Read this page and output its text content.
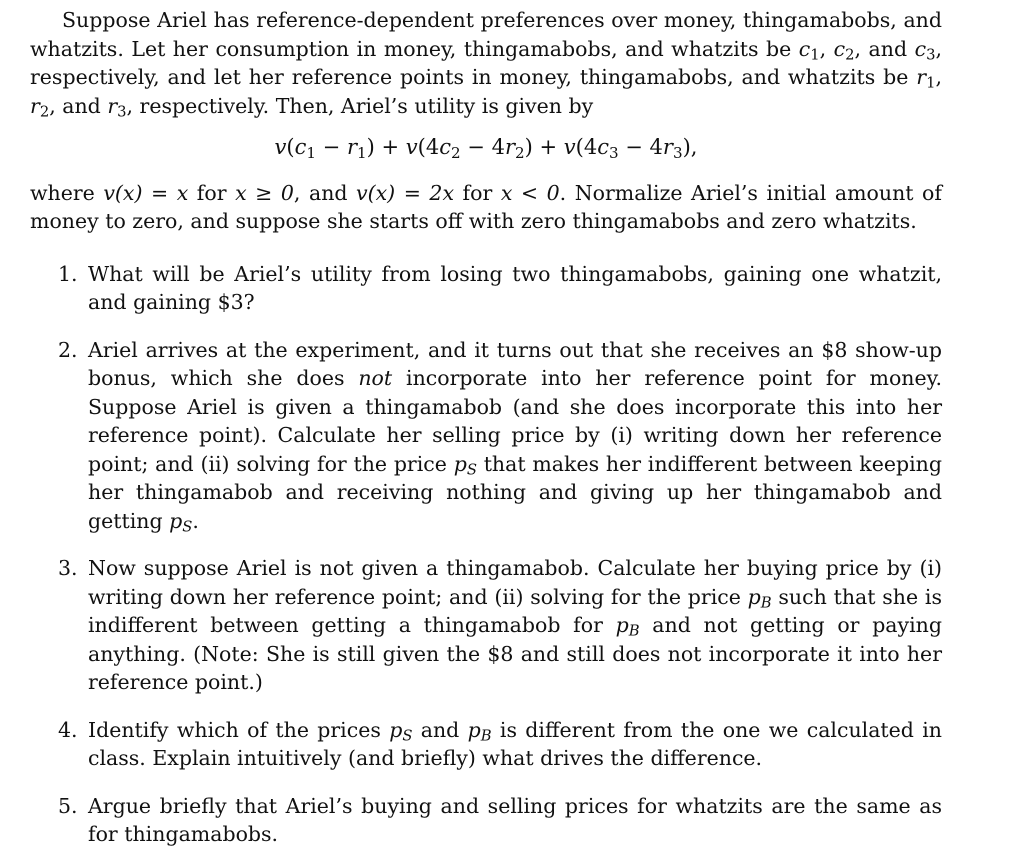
Suppose Ariel has reference-dependent preferences over money, thingamabobs, and whatzits. Let her consumption in money, thingamabobs, and whatzits be $c_1$, $c_2$, and $c_3$, respectively, and let her reference points in money, thingamabobs, and whatzits be $r_1$, $r_2$, and $r_3$, respectively. Then, Ariel’s utility is given by

$v(c_1 - r_1) + v(4c_2 - 4r_2) + v(4c_3 - 4r_3)$,

where v(x) = x for x ≥ 0, and v(x) = 2x for x < 0. Normalize Ariel’s initial amount of money to zero, and suppose she starts off with zero thingamabobs and zero whatzits.

1. What will be Ariel’s utility from losing two thingamabobs, gaining one whatzit, and gaining $3?
2. Ariel arrives at the experiment, and it turns out that she receives an $8 show-up bonus, which she does not incorporate into her reference point for money. Suppose Ariel is given a thingamabob (and she does incorporate this into her reference point). Calculate her selling price by (i) writing down her reference point; and (ii) solving for the price pS that makes her indifferent between keeping her thingamabob and receiving nothing and giving up her thingamabob and getting pS.
3. Now suppose Ariel is not given a thingamabob. Calculate her buying price by (i) writing down her reference point; and (ii) solving for the price pB such that she is indifferent between getting a thingamabob for pB and not getting or paying anything. (Note: She is still given the $8 and still does not incorporate it into her reference point.)
4. Identify which of the prices pS and pB is different from the one we calculated in class. Explain intuitively (and briefly) what drives the difference.
5. Argue briefly that Ariel’s buying and selling prices for whatzits are the same as for thingamabobs.
